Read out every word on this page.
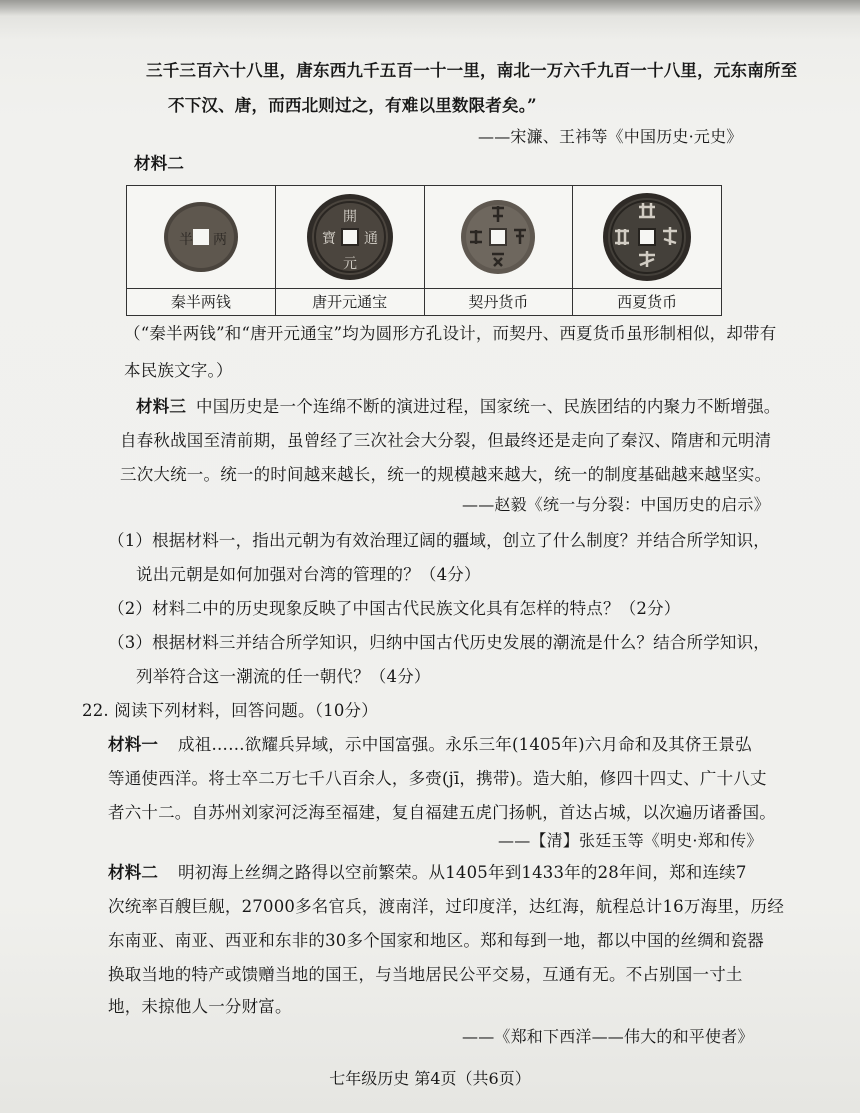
三千三百六十八里，唐东西九千五百一十一里，南北一万六千九百一十八里，元东南所至
不下汉、唐，而西北则过之，有难以里数限者矣。”
——宋濂、王祎等《中国历史·元史》
材料二
半 两
秦半两钱
開
元
通
寶
唐开元通宝	契丹货币	西夏货币
（“秦半两钱”和“唐开元通宝”均为圆形方孔设计，而契丹、西夏货币虽形制相似，却带有
本民族文字。）
材料三 中国历史是一个连绵不断的演进过程，国家统一、民族团结的内聚力不断增强。
自春秋战国至清前期，虽曾经了三次社会大分裂，但最终还是走向了秦汉、隋唐和元明清
三次大统一。统一的时间越来越长，统一的规模越来越大，统一的制度基础越来越坚实。
——赵毅《统一与分裂：中国历史的启示》
（1）根据材料一，指出元朝为有效治理辽阔的疆域，创立了什么制度？并结合所学知识，
说出元朝是如何加强对台湾的管理的？（4分）
（2）材料二中的历史现象反映了中国古代民族文化具有怎样的特点？（2分）
（3）根据材料三并结合所学知识，归纳中国古代历史发展的潮流是什么？结合所学知识，
列举符合这一潮流的任一朝代？（4分）
22. 阅读下列材料，回答问题。（10分）
材料一 成祖……欲耀兵异域，示中国富强。永乐三年(1405年)六月命和及其侪王景弘
等通使西洋。将士卒二万七千八百余人，多赍(jī，携带)。造大舶，修四十四丈、广十八丈
者六十二。自苏州刘家河泛海至福建，复自福建五虎门扬帆，首达占城，以次遍历诸番国。
——【清】张廷玉等《明史·郑和传》
材料二 明初海上丝绸之路得以空前繁荣。从1405年到1433年的28年间，郑和连续7
次统率百艘巨舰，27000多名官兵，渡南洋，过印度洋，达红海，航程总计16万海里，历经
东南亚、南亚、西亚和东非的30多个国家和地区。郑和每到一地，都以中国的丝绸和瓷器
换取当地的特产或馈赠当地的国王，与当地居民公平交易，互通有无。不占别国一寸土
地，未掠他人一分财富。
——《郑和下西洋——伟大的和平使者》
七年级历史 第4页（共6页）
